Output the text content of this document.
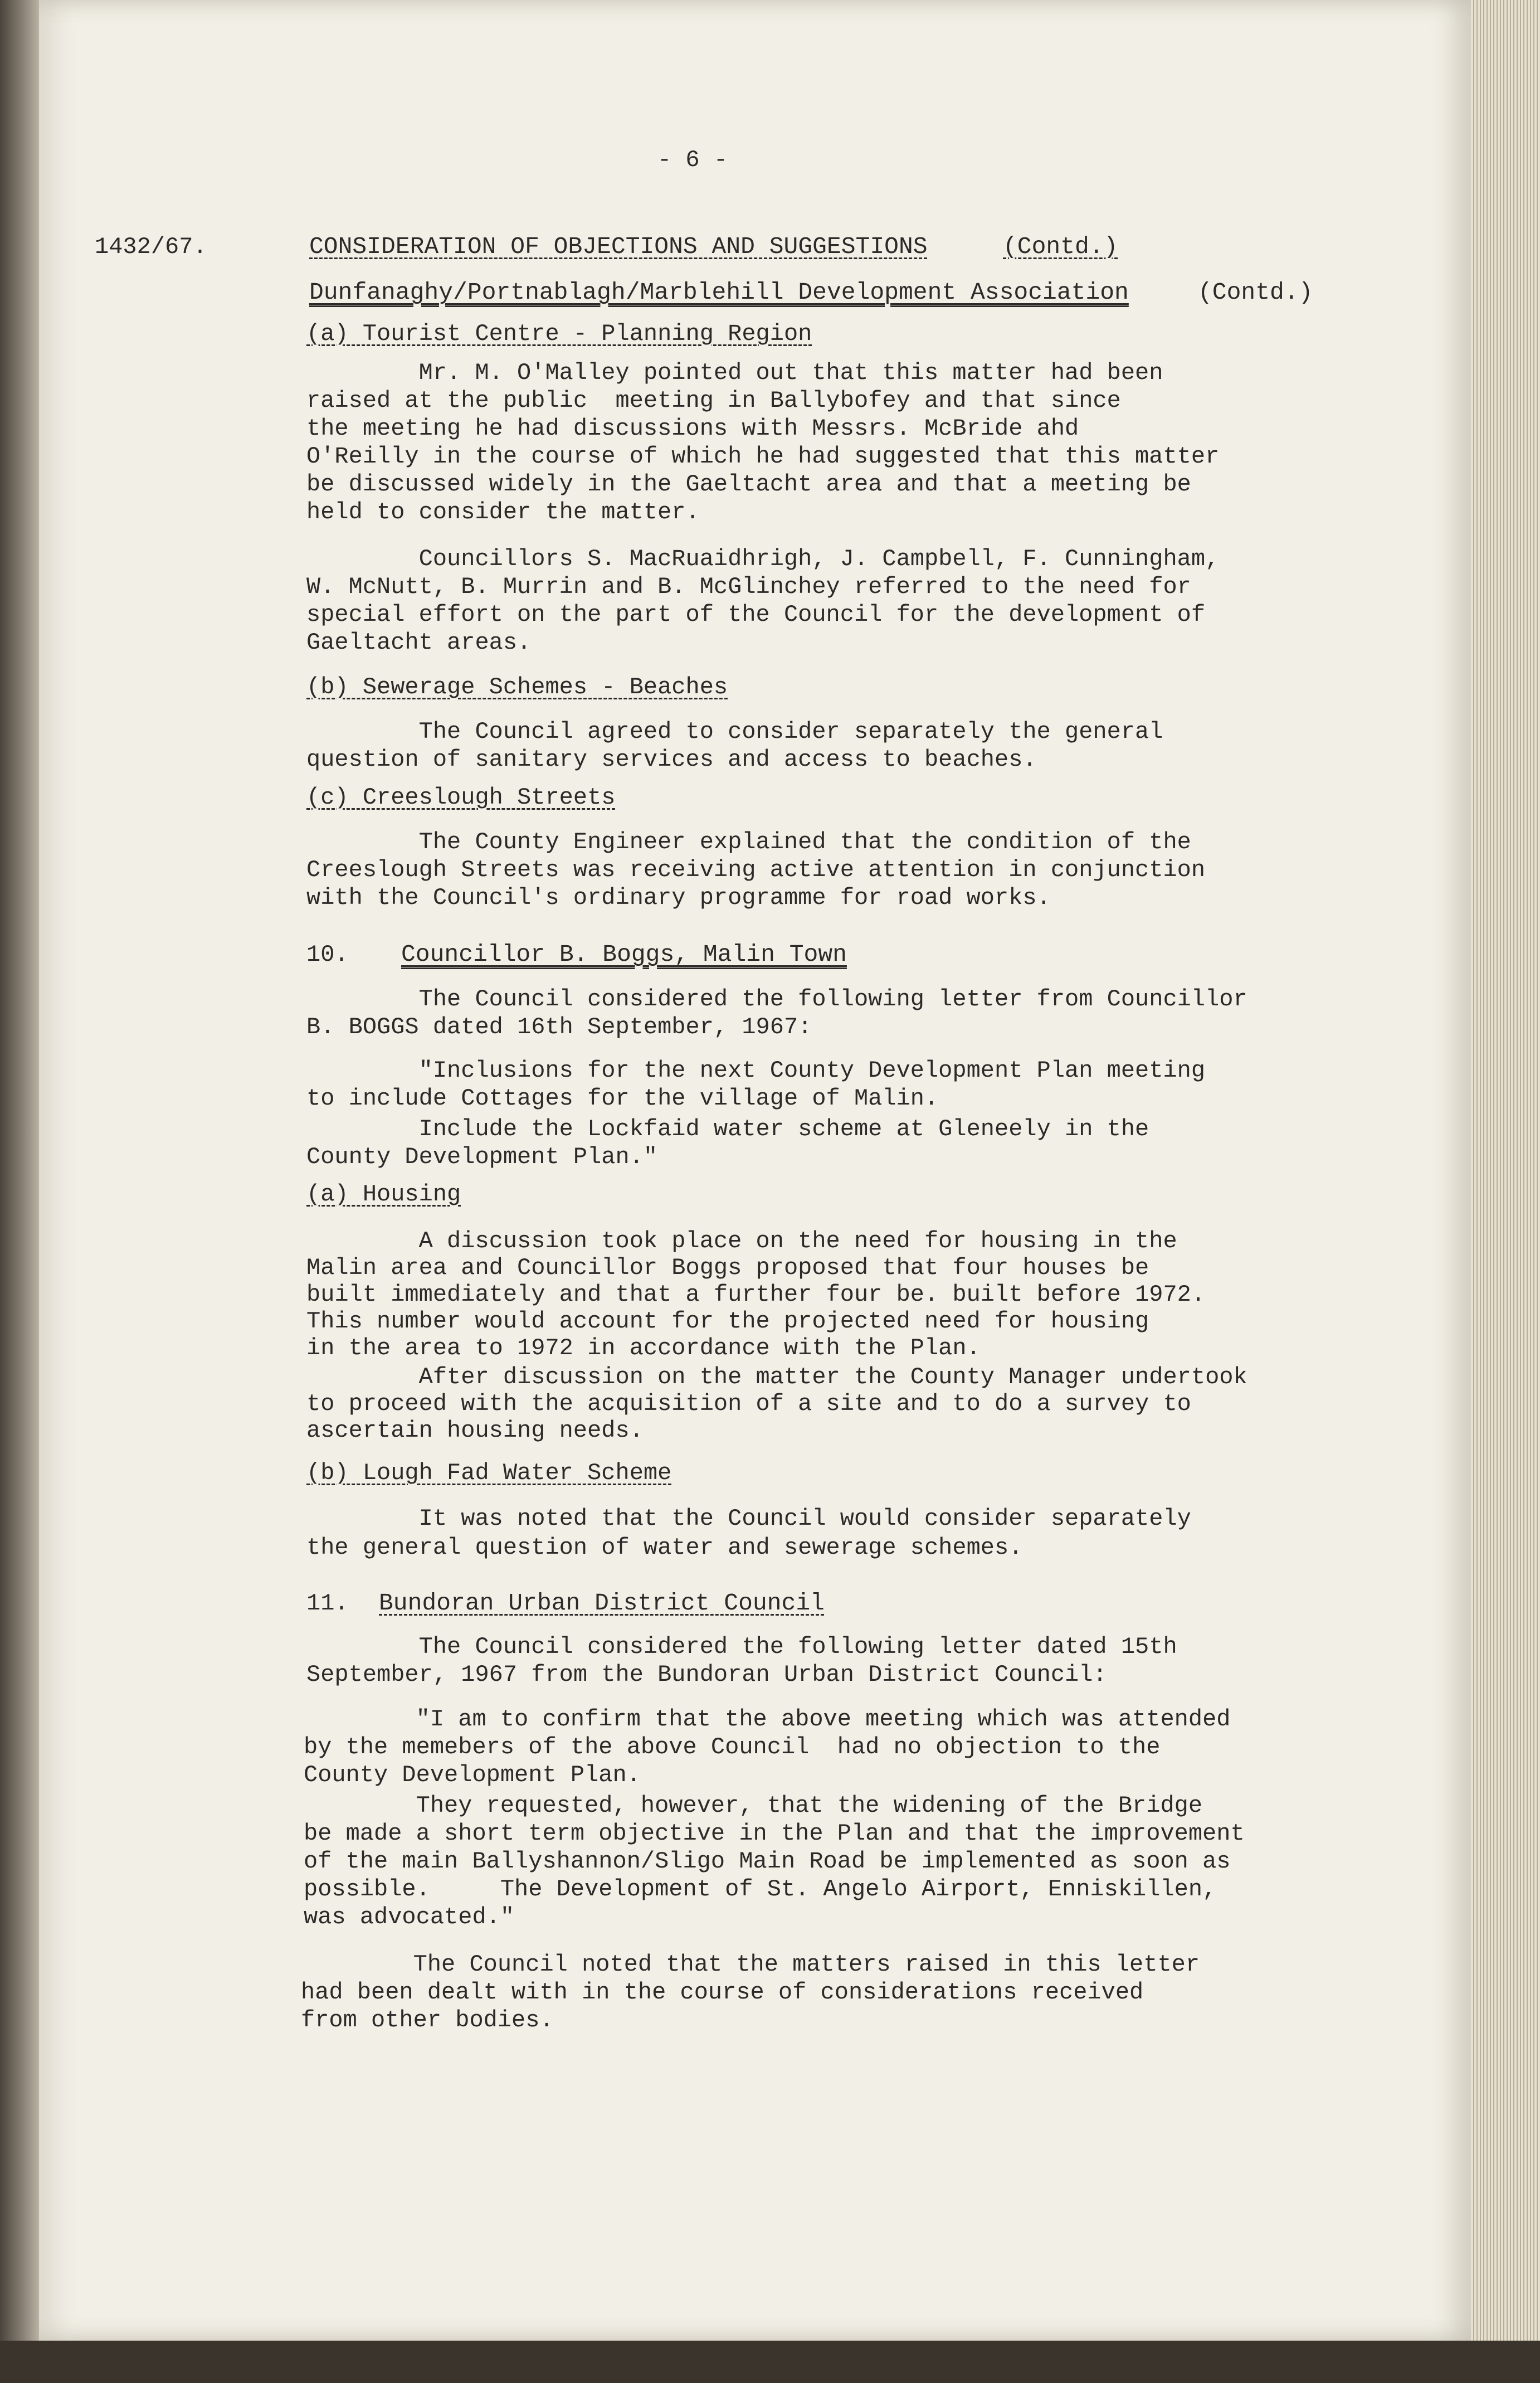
- 6 -
1432/67.	CONSIDERATION OF OBJECTIONS AND SUGGESTIONS	(Contd.)
Dunfanaghy/Portnablagh/Marblehill Development Association	(Contd.)
(a) Tourist Centre - Planning Region
Mr. M. O'Malley pointed out that this matter had been
raised at the public  meeting in Ballybofey and that since
the meeting he had discussions with Messrs. McBride ahd
O'Reilly in the course of which he had suggested that this matter
be discussed widely in the Gaeltacht area and that a meeting be
held to consider the matter.
Councillors S. MacRuaidhrigh, J. Campbell, F. Cunningham,
W. McNutt, B. Murrin and B. McGlinchey referred to the need for
special effort on the part of the Council for the development of
Gaeltacht areas.
(b) Sewerage Schemes - Beaches
The Council agreed to consider separately the general
question of sanitary services and access to beaches.
(c) Creeslough Streets
The County Engineer explained that the condition of the
Creeslough Streets was receiving active attention in conjunction
with the Council's ordinary programme for road works.
10. Councillor B. Boggs, Malin Town
The Council considered the following letter from Councillor
B. BOGGS dated 16th September, 1967:
"Inclusions for the next County Development Plan meeting
to include Cottages for the village of Malin.
Include the Lockfaid water scheme at Gleneely in the
County Development Plan."
(a) Housing
A discussion took place on the need for housing in the
Malin area and Councillor Boggs proposed that four houses be
built immediately and that a further four be. built before 1972.
This number would account for the projected need for housing
in the area to 1972 in accordance with the Plan.
After discussion on the matter the County Manager undertook
to proceed with the acquisition of a site and to do a survey to
ascertain housing needs.
(b) Lough Fad Water Scheme
It was noted that the Council would consider separately
the general question of water and sewerage schemes.
11. Bundoran Urban District Council
The Council considered the following letter dated 15th
September, 1967 from the Bundoran Urban District Council:
"I am to confirm that the above meeting which was attended
by the memebers of the above Council  had no objection to the
County Development Plan.
They requested, however, that the widening of the Bridge
be made a short term objective in the Plan and that the improvement
of the main Ballyshannon/Sligo Main Road be implemented as soon as
possible.     The Development of St. Angelo Airport, Enniskillen,
was advocated."
The Council noted that the matters raised in this letter
had been dealt with in the course of considerations received
from other bodies.
